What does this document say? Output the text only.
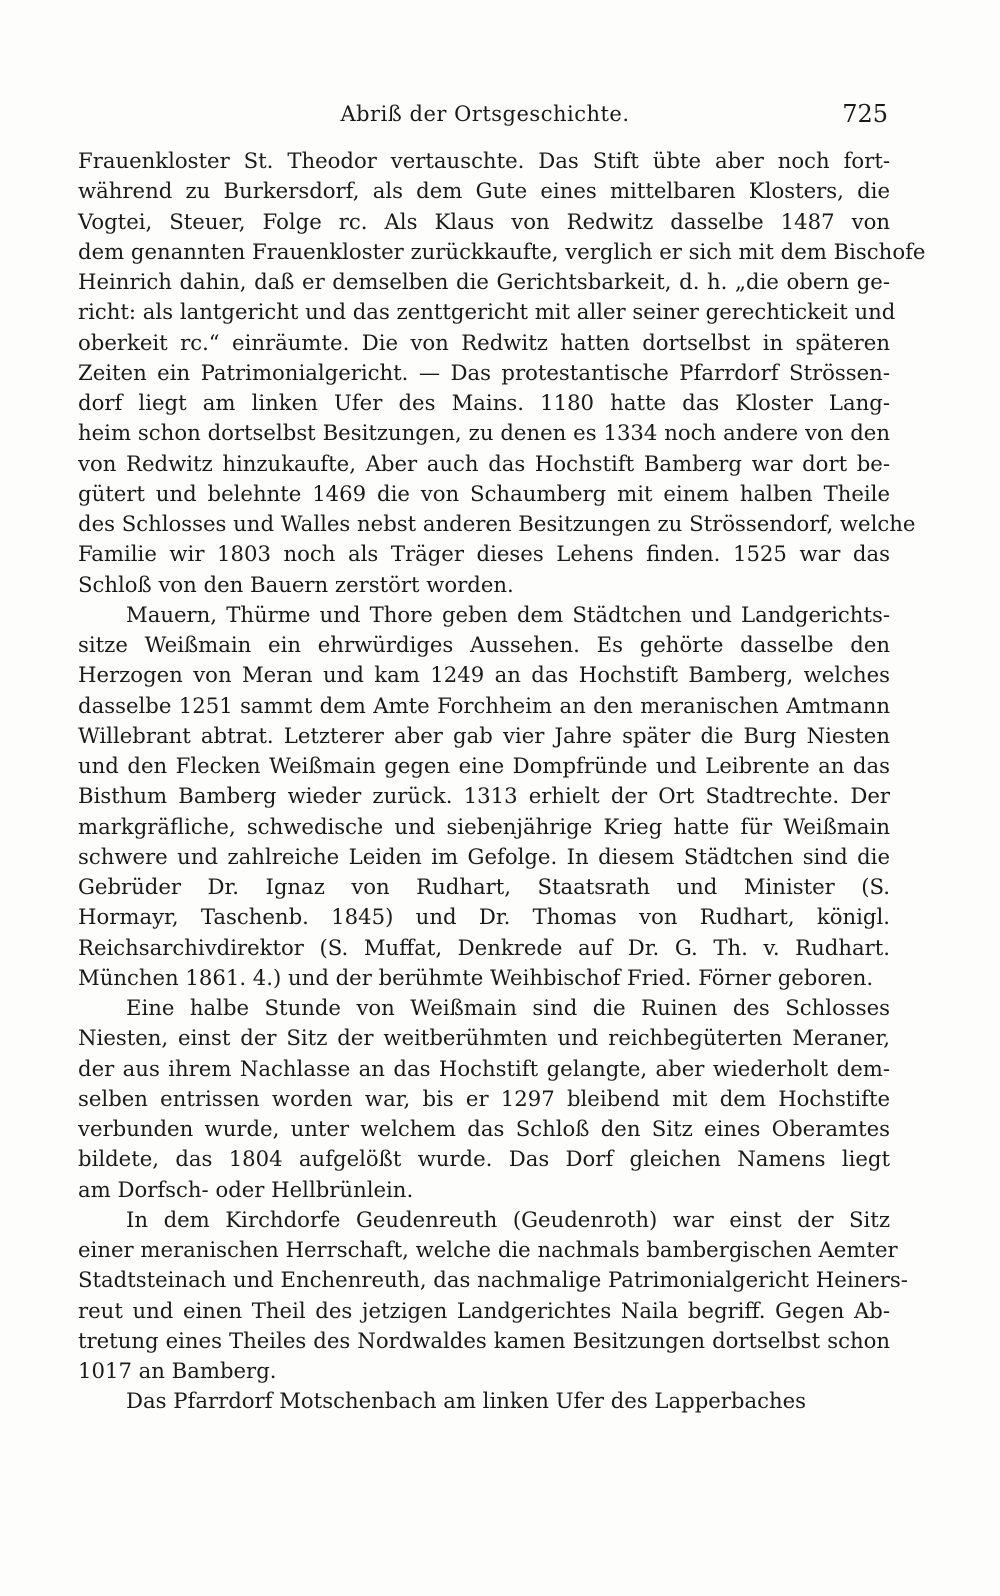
Abriß der Ortsgeschichte.	725
Frauenkloster St. Theodor vertauschte. Das Stift übte aber noch fort-
während zu Burkersdorf, als dem Gute eines mittelbaren Klosters, die
Vogtei, Steuer, Folge rc. Als Klaus von Redwitz dasselbe 1487 von
dem genannten Frauenkloster zurückkaufte, verglich er sich mit dem Bischofe
Heinrich dahin, daß er demselben die Gerichtsbarkeit, d. h. „die obern ge-
richt: als lantgericht und das zenttgericht mit aller seiner gerechtickeit und
oberkeit rc.“ einräumte. Die von Redwitz hatten dortselbst in späteren
Zeiten ein Patrimonialgericht. — Das protestantische Pfarrdorf Strössen-
dorf liegt am linken Ufer des Mains. 1180 hatte das Kloster Lang-
heim schon dortselbst Besitzungen, zu denen es 1334 noch andere von den
von Redwitz hinzukaufte, Aber auch das Hochstift Bamberg war dort be-
gütert und belehnte 1469 die von Schaumberg mit einem halben Theile
des Schlosses und Walles nebst anderen Besitzungen zu Strössendorf, welche
Familie wir 1803 noch als Träger dieses Lehens finden. 1525 war das
Schloß von den Bauern zerstört worden.
Mauern, Thürme und Thore geben dem Städtchen und Landgerichts-
sitze Weißmain ein ehrwürdiges Aussehen. Es gehörte dasselbe den
Herzogen von Meran und kam 1249 an das Hochstift Bamberg, welches
dasselbe 1251 sammt dem Amte Forchheim an den meranischen Amtmann
Willebrant abtrat. Letzterer aber gab vier Jahre später die Burg Niesten
und den Flecken Weißmain gegen eine Dompfründe und Leibrente an das
Bisthum Bamberg wieder zurück. 1313 erhielt der Ort Stadtrechte. Der
markgräfliche, schwedische und siebenjährige Krieg hatte für Weißmain
schwere und zahlreiche Leiden im Gefolge. In diesem Städtchen sind die
Gebrüder Dr. Ignaz von Rudhart, Staatsrath und Minister (S.
Hormayr, Taschenb. 1845) und Dr. Thomas von Rudhart, königl.
Reichsarchivdirektor (S. Muffat, Denkrede auf Dr. G. Th. v. Rudhart.
München 1861. 4.) und der berühmte Weihbischof Fried. Förner geboren.
Eine halbe Stunde von Weißmain sind die Ruinen des Schlosses
Niesten, einst der Sitz der weitberühmten und reichbegüterten Meraner,
der aus ihrem Nachlasse an das Hochstift gelangte, aber wiederholt dem-
selben entrissen worden war, bis er 1297 bleibend mit dem Hochstifte
verbunden wurde, unter welchem das Schloß den Sitz eines Oberamtes
bildete, das 1804 aufgelößt wurde. Das Dorf gleichen Namens liegt
am Dorfsch- oder Hellbrünlein.
In dem Kirchdorfe Geudenreuth (Geudenroth) war einst der Sitz
einer meranischen Herrschaft, welche die nachmals bambergischen Aemter
Stadtsteinach und Enchenreuth, das nachmalige Patrimonialgericht Heiners-
reut und einen Theil des jetzigen Landgerichtes Naila begriff. Gegen Ab-
tretung eines Theiles des Nordwaldes kamen Besitzungen dortselbst schon
1017 an Bamberg.
Das Pfarrdorf Motschenbach am linken Ufer des Lapperbaches
